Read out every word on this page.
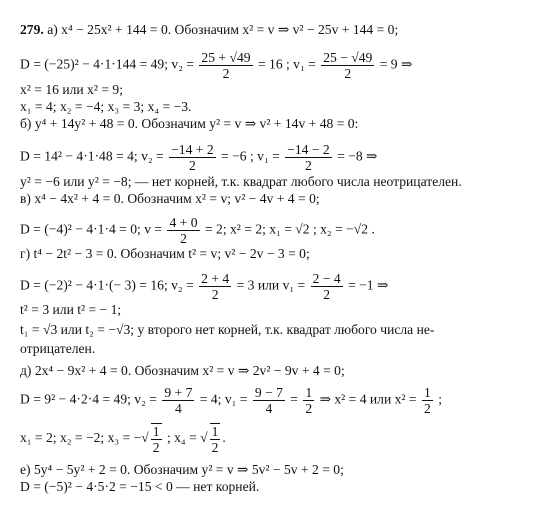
279. а) x⁴ − 25x² + 144 = 0. Обозначим x² = v ⇒ v² − 25v + 144 = 0;
D = (−25)² − 4·1·144 = 49; $v_2 = \frac{25 + √49}{2} = 16$ ; $v_1 = \frac{25 - √49}{2} = 9$ ⇒
x² = 16 или x² = 9;
x₁ = 4; x₂ = −4; x₃ = 3; x₄ = −3.
б) y⁴ + 14y² + 48 = 0. Обозначим y² = v ⇒ v² + 14v + 48 = 0:
D = 14² − 4·1·48 = 4; $v_2 = \frac{-14 + 2}{2} = -6$ ; $v_1 = \frac{-14 - 2}{2} = -8$ ⇒
y² = −6 или y² = −8; — нет корней, т.к. квадрат любого числа неотрицателен.
в) x⁴ − 4x² + 4 = 0. Обозначим x² = v; v² − 4v + 4 = 0;
D = (−4)² − 4·1·4 = 0; $v = \frac{4 + 0}{2} = 2$; x² = 2; x₁ = √2 ; x₂ = −√2 .
г) t⁴ − 2t² − 3 = 0. Обозначим t² = v; v² − 2v − 3 = 0;
D = (−2)² − 4·1·(− 3) = 16; $v_2 = \frac{2 + 4}{2} = 3$ или $v_1 = \frac{2 - 4}{2} = -1$ ⇒
t² = 3 или t² = − 1;
t₁ = √3 или t₂ = −√3; у второго нет корней, т.к. квадрат любого числа не-
отрицателен.
д) 2x⁴ − 9x² + 4 = 0. Обозначим x² = v ⇒ 2v² − 9v + 4 = 0;
D = 9² − 4·2·4 = 49; $v_2 = \frac{9 + 7}{4} = 4$; $v_1 = \frac{9 - 7}{4} = \frac{1}{2}$ ⇒ x² = 4 или $x^2 = \frac{1}{2}$ ;
x₁ = 2; x₂ = −2; x₃ = −√ $\frac{1}{2}$ ; x₄ = √ $\frac{1}{2}$ .
е) 5y⁴ − 5y² + 2 = 0. Обозначим y² = v ⇒ 5v² − 5v + 2 = 0;
D = (−5)² − 4·5·2 = −15 < 0 — нет корней.
